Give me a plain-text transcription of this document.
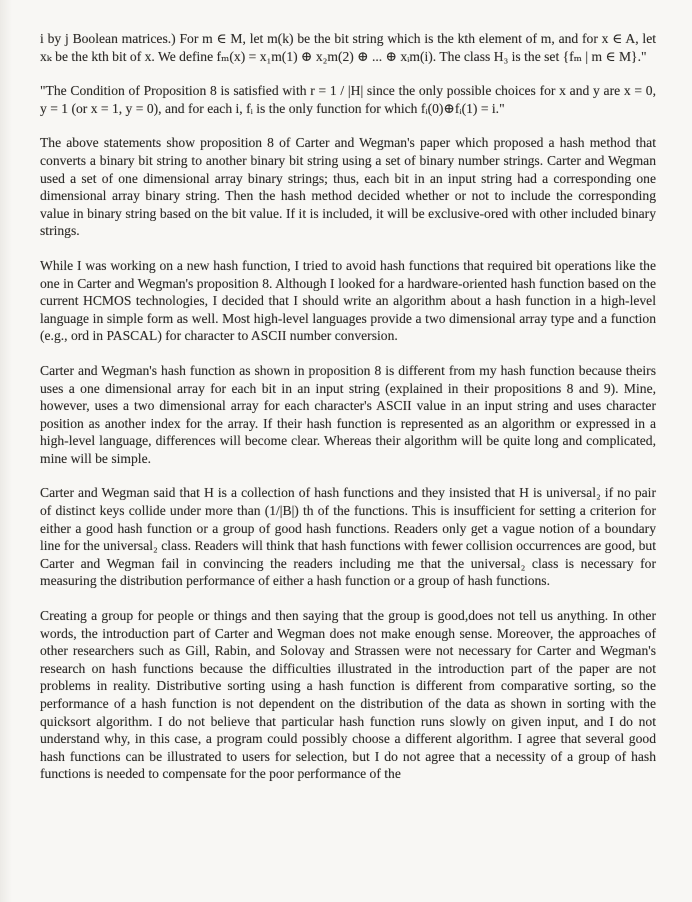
i by j Boolean matrices.) For m ∈ M, let m(k) be the bit string which is the kth element of m, and for x ∈ A, let xₖ be the kth bit of x. We define fₘ(x) = x₁m(1) ⊕ x₂m(2) ⊕ ... ⊕ xᵢm(i). The class H₃ is the set {fₘ | m ∈ M}."

"The Condition of Proposition 8 is satisfied with r = 1 / |H| since the only possible choices for x and y are x = 0, y = 1 (or x = 1, y = 0), and for each i, fᵢ is the only function for which fᵢ(0)⊕fᵢ(1) = i."

The above statements show proposition 8 of Carter and Wegman's paper which proposed a hash method that converts a binary bit string to another binary bit string using a set of binary number strings. Carter and Wegman used a set of one dimensional array binary strings; thus, each bit in an input string had a corresponding one dimensional array binary string. Then the hash method decided whether or not to include the corresponding value in binary string based on the bit value. If it is included, it will be exclusive-ored with other included binary strings.

While I was working on a new hash function, I tried to avoid hash functions that required bit operations like the one in Carter and Wegman's proposition 8. Although I looked for a hardware-oriented hash function based on the current HCMOS technologies, I decided that I should write an algorithm about a hash function in a high-level language in simple form as well. Most high-level languages provide a two dimensional array type and a function (e.g., ord in PASCAL) for character to ASCII number conversion.

Carter and Wegman's hash function as shown in proposition 8 is different from my hash function because theirs uses a one dimensional array for each bit in an input string (explained in their propositions 8 and 9). Mine, however, uses a two dimensional array for each character's ASCII value in an input string and uses character position as another index for the array. If their hash function is represented as an algorithm or expressed in a high-level language, differences will become clear. Whereas their algorithm will be quite long and complicated, mine will be simple.

Carter and Wegman said that H is a collection of hash functions and they insisted that H is universal₂ if no pair of distinct keys collide under more than (1/|B|) th of the functions. This is insufficient for setting a criterion for either a good hash function or a group of good hash functions. Readers only get a vague notion of a boundary line for the universal₂ class. Readers will think that hash functions with fewer collision occurrences are good, but Carter and Wegman fail in convincing the readers including me that the universal₂ class is necessary for measuring the distribution performance of either a hash function or a group of hash functions.

Creating a group for people or things and then saying that the group is good,does not tell us anything. In other words, the introduction part of Carter and Wegman does not make enough sense. Moreover, the approaches of other researchers such as Gill, Rabin, and Solovay and Strassen were not necessary for Carter and Wegman's research on hash functions because the difficulties illustrated in the introduction part of the paper are not problems in reality. Distributive sorting using a hash function is different from comparative sorting, so the performance of a hash function is not dependent on the distribution of the data as shown in sorting with the quicksort algorithm. I do not believe that particular hash function runs slowly on given input, and I do not understand why, in this case, a program could possibly choose a different algorithm. I agree that several good hash functions can be illustrated to users for selection, but I do not agree that a necessity of a group of hash functions is needed to compensate for the poor performance of the
